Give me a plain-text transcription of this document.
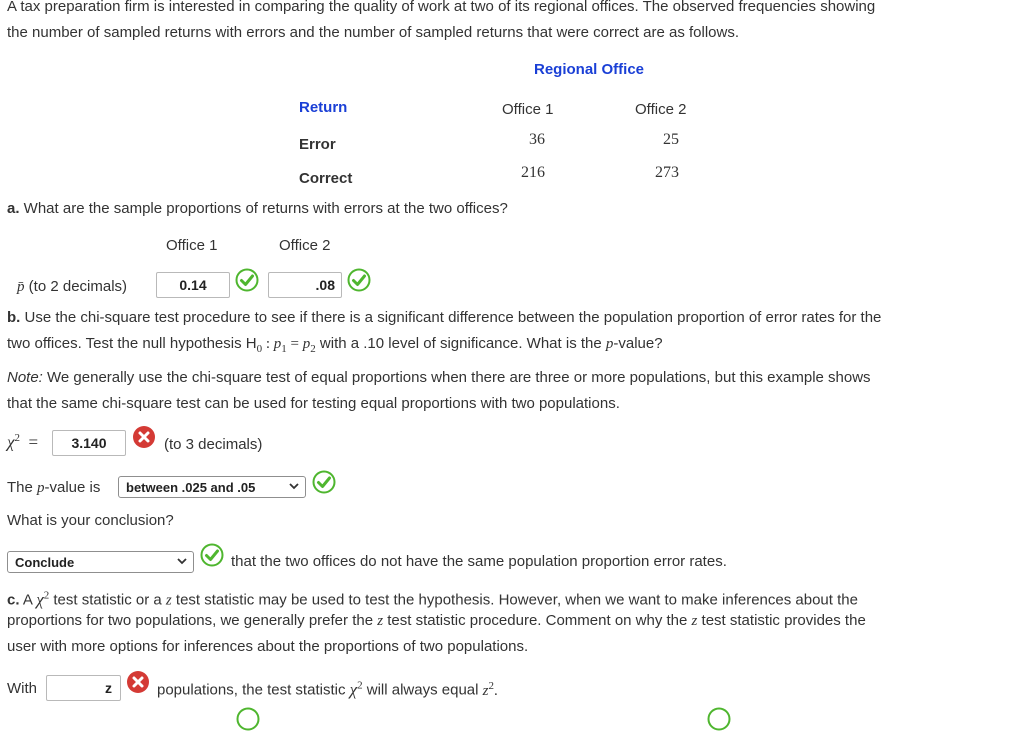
A tax preparation firm is interested in comparing the quality of work at two of its regional offices. The observed frequencies showing
the number of sampled returns with errors and the number of sampled returns that were correct are as follows.
Regional Office
Return	Office 1	Office 2
Error	36	25
Correct	216	273
a. What are the sample proportions of returns with errors at the two offices?
Office 1	Office 2
p̄ (to 2 decimals)	0.14	.08
b. Use the chi-square test procedure to see if there is a significant difference between the population proportion of error rates for the
two offices. Test the null hypothesis $H_0$ : $p_1 = p_2$ with a .10 level of significance. What is the p-value?
Note: We generally use the chi-square test of equal proportions when there are three or more populations, but this example shows
that the same chi-square test can be used for testing equal proportions with two populations.
$\chi^2$  =	3.140	(to 3 decimals)
The p-value is between .025 and .05
What is your conclusion?
Conclude	that the two offices do not have the same population proportion error rates.
c. A $\chi^2$ test statistic or a z test statistic may be used to test the hypothesis. However, when we want to make inferences about the
proportions for two populations, we generally prefer the z test statistic procedure. Comment on why the z test statistic provides the
user with more options for inferences about the proportions of two populations.
With	z	populations, the test statistic $\chi^2$ will always equal $z^2$.
